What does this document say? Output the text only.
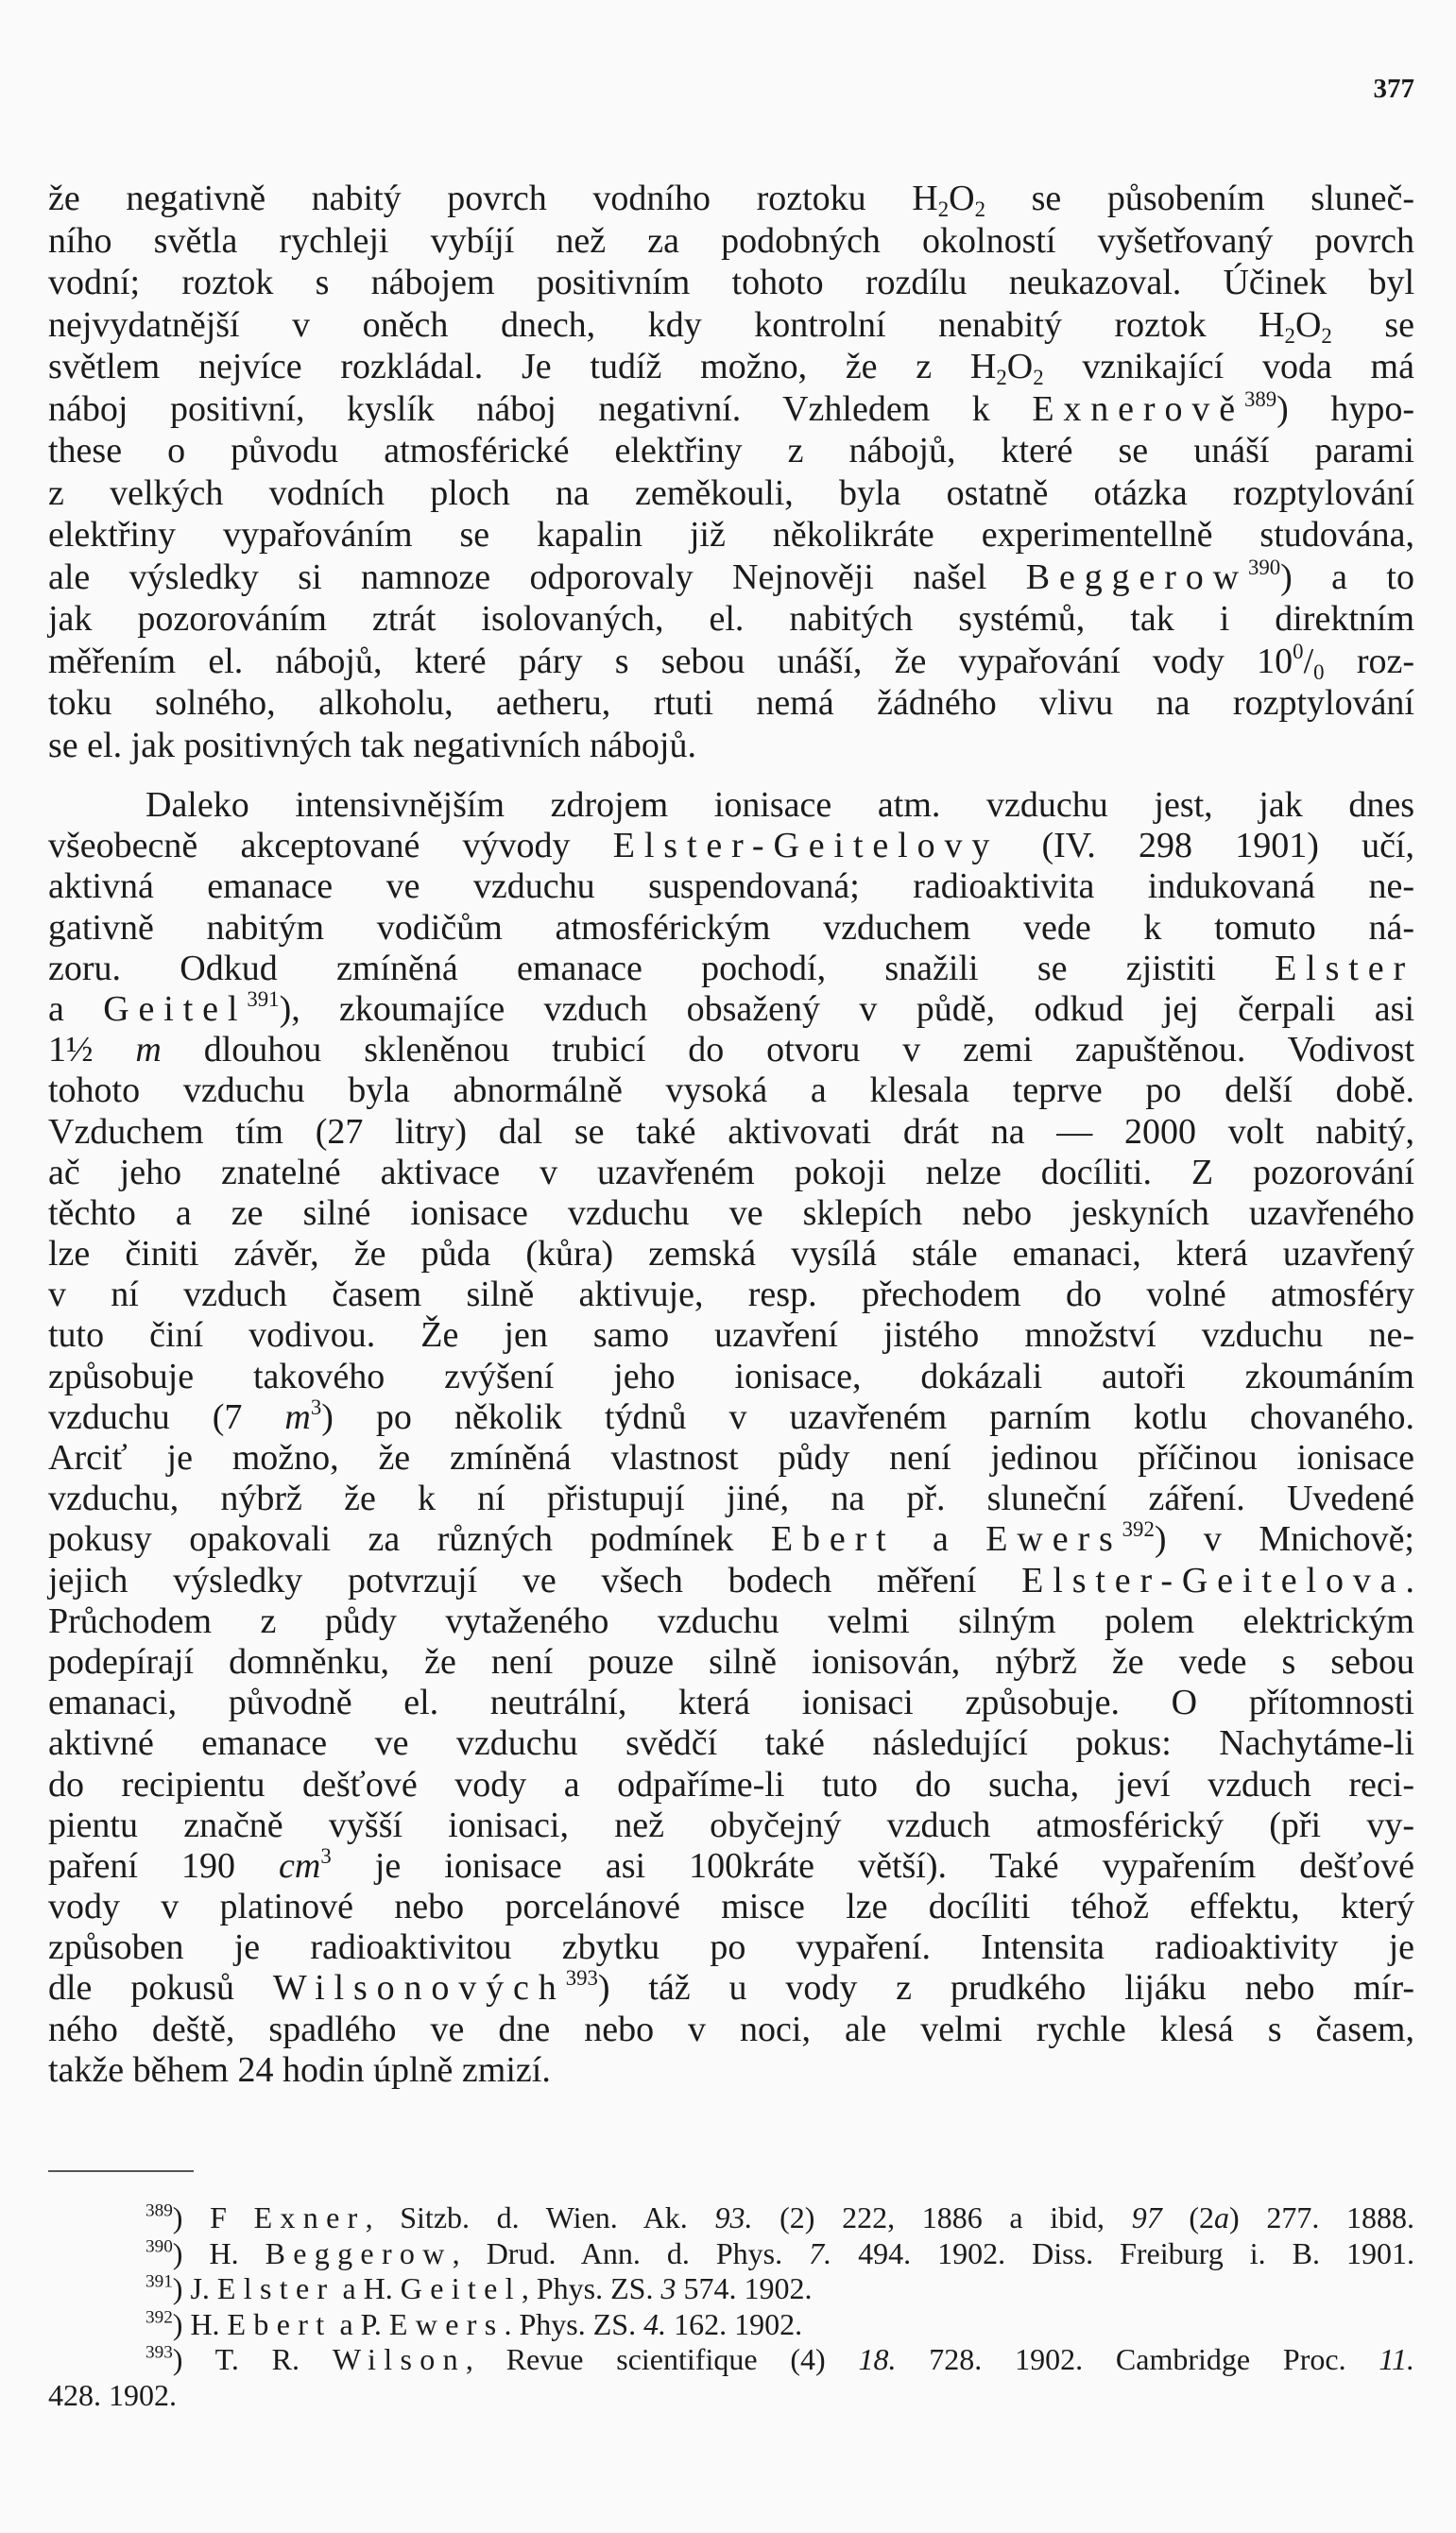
377
že negativně nabitý povrch vodního roztoku $H_2O_2$ se působením sluneč-
ního světla rychleji vybíjí než za podobných okolností vyšetřovaný povrch
vodní; roztok s nábojem positivním tohoto rozdílu neukazoval. Účinek byl
nejvydatnější v oněch dnech, kdy kontrolní nenabitý roztok $H_2O_2$ se
světlem nejvíce rozkládal. Je tudíž možno, že z $H_2O_2$ vznikající voda má
náboj positivní, kyslík náboj negativní. Vzhledem k Exnerově$^{389}$) hypo-
these o původu atmosférické elektřiny z nábojů, které se unáší parami
z velkých vodních ploch na zeměkouli, byla ostatně otázka rozptylování
elektřiny vypařováním se kapalin již několikráte experimentellně studována,
ale výsledky si namnoze odporovaly Nejnověji našel Beggerow$^{390}$) a to
jak pozorováním ztrát isolovaných, el. nabitých systémů, tak i direktním
měřením el. nábojů, které páry s sebou unáší, že vypařování vody $10^0/_0$ roz-
toku solného, alkoholu, aetheru, rtuti nemá žádného vlivu na rozptylování
se el. jak positivných tak negativních nábojů.
Daleko intensivnějším zdrojem ionisace atm. vzduchu jest, jak dnes
všeobecně akceptované vývody Elster-Geitelovy (IV. 298 1901) učí,
aktivná emanace ve vzduchu suspendovaná; radioaktivita indukovaná ne-
gativně nabitým vodičům atmosférickým vzduchem vede k tomuto ná-
zoru. Odkud zmíněná emanace pochodí, snažili se zjistiti Elster
a Geitel$^{391}$), zkoumajíce vzduch obsažený v půdě, odkud jej čerpali asi
1½ m dlouhou skleněnou trubicí do otvoru v zemi zapuštěnou. Vodivost
tohoto vzduchu byla abnormálně vysoká a klesala teprve po delší době.
Vzduchem tím (27 litry) dal se také aktivovati drát na — 2000 volt nabitý,
ač jeho znatelné aktivace v uzavřeném pokoji nelze docíliti. Z pozorování
těchto a ze silné ionisace vzduchu ve sklepích nebo jeskyních uzavřeného
lze činiti závěr, že půda (kůra) zemská vysílá stále emanaci, která uzavřený
v ní vzduch časem silně aktivuje, resp. přechodem do volné atmosféry
tuto činí vodivou. Že jen samo uzavření jistého množství vzduchu ne-
způsobuje takového zvýšení jeho ionisace, dokázali autoři zkoumáním
vzduchu (7 $m^3$) po několik týdnů v uzavřeném parním kotlu chovaného.
Arciť je možno, že zmíněná vlastnost půdy není jedinou příčinou ionisace
vzduchu, nýbrž že k ní přistupují jiné, na př. sluneční záření. Uvedené
pokusy opakovali za různých podmínek Ebert a Ewers$^{392}$) v Mnichově;
jejich výsledky potvrzují ve všech bodech měření Elster-Geitelova.
Průchodem z půdy vytaženého vzduchu velmi silným polem elektrickým
podepírají domněnku, že není pouze silně ionisován, nýbrž že vede s sebou
emanaci, původně el. neutrální, která ionisaci způsobuje. O přítomnosti
aktivné emanace ve vzduchu svědčí také následující pokus: Nachytáme-li
do recipientu dešťové vody a odpaříme-li tuto do sucha, jeví vzduch reci-
pientu značně vyšší ionisaci, než obyčejný vzduch atmosférický (při vy-
paření 190 $cm^3$ je ionisace asi 100kráte větší). Také vypařením dešťové
vody v platinové nebo porcelánové misce lze docíliti téhož effektu, který
způsoben je radioaktivitou zbytku po vypaření. Intensita radioaktivity je
dle pokusů Wilsonových$^{393}$) táž u vody z prudkého lijáku nebo mír-
ného deště, spadlého ve dne nebo v noci, ale velmi rychle klesá s časem,
takže během 24 hodin úplně zmizí.
$^{389}$) F Exner, Sitzb. d. Wien. Ak. 93. (2) 222, 1886 a ibid, 97 (2a) 277. 1888.
$^{390}$) H. Beggerow, Drud. Ann. d. Phys. 7. 494. 1902. Diss. Freiburg i. B. 1901.
$^{391}$) J. Elster a H. Geitel, Phys. ZS. 3 574. 1902.
$^{392}$) H. Ebert a P. Ewers. Phys. ZS. 4. 162. 1902.
$^{393}$) T. R. Wilson, Revue scientifique (4) 18. 728. 1902. Cambridge Proc. 11.
428. 1902.
